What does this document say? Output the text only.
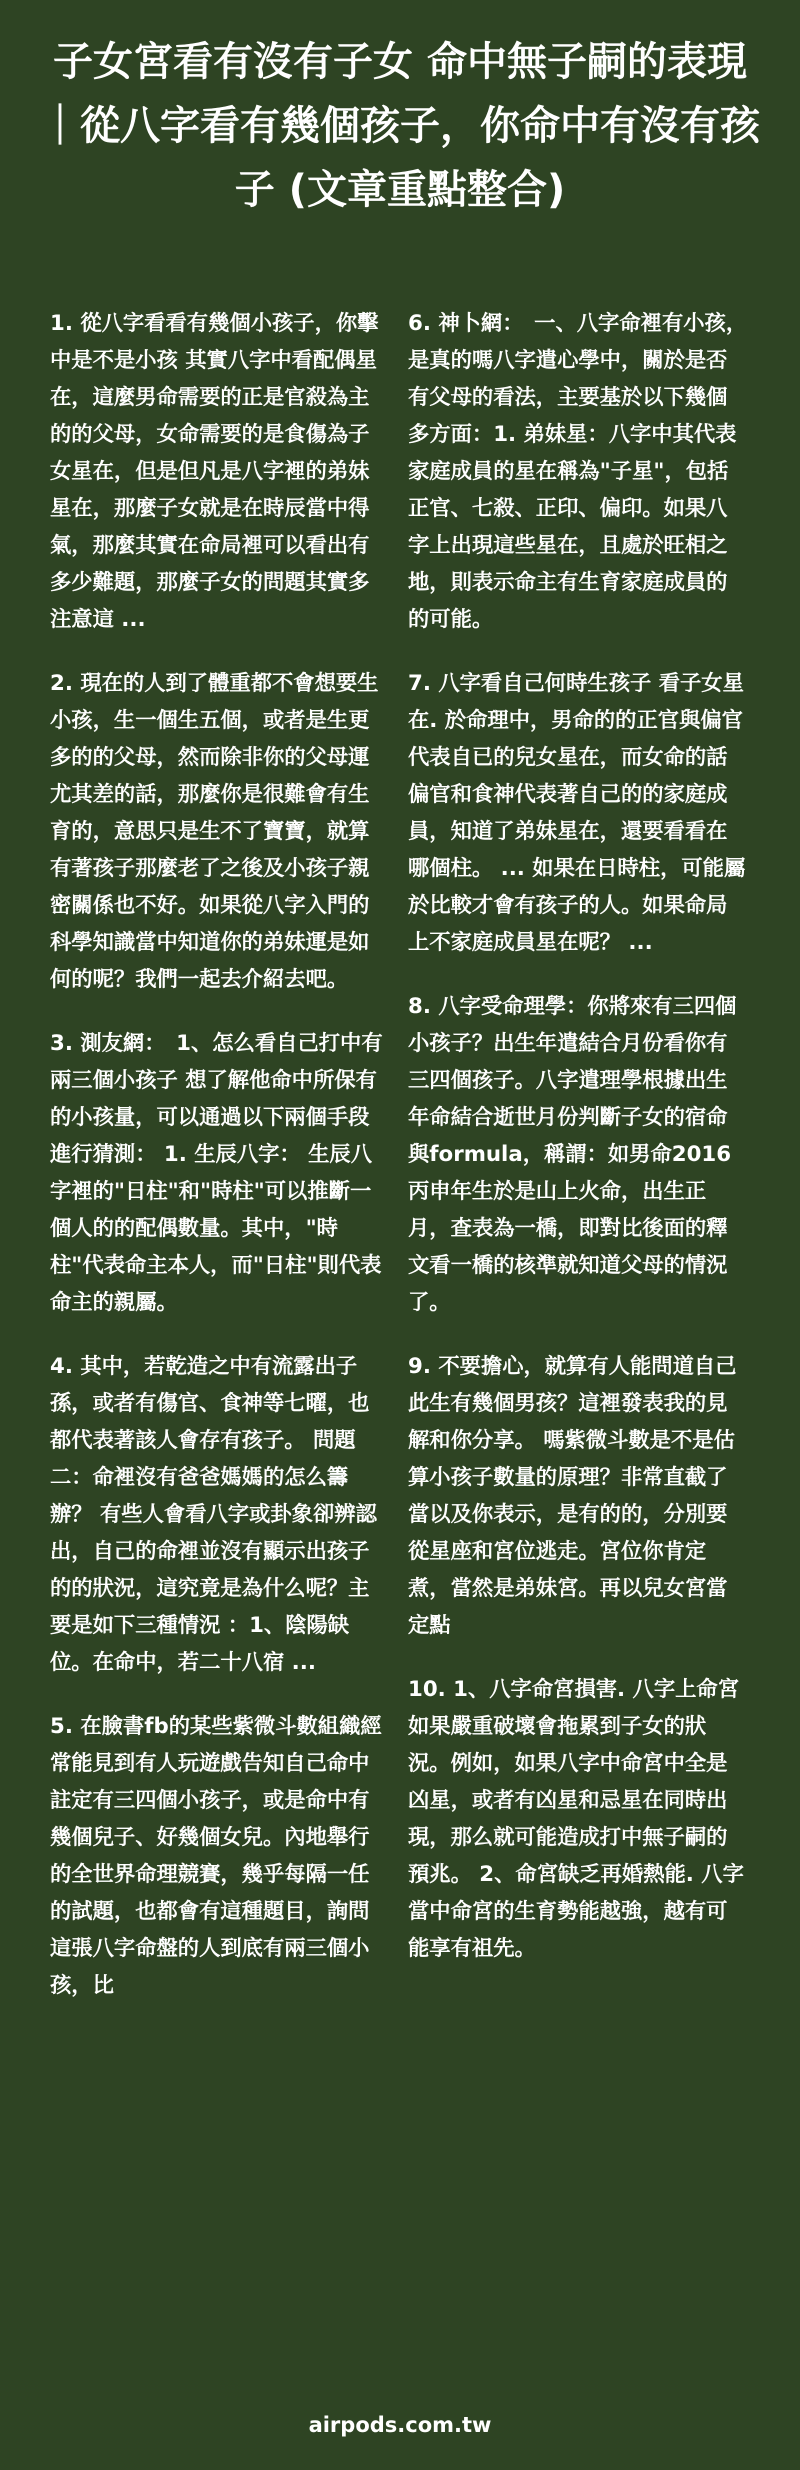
子女宮看有沒有子女 命中無子嗣的表現｜從八字看有幾個孩子，你命中有沒有孩子 (文章重點整合)

1. 從八字看看有幾個小孩子，你擊中是不是小孩 其實八字中看配偶星在，這麼男命需要的正是官殺為主的的父母，女命需要的是食傷為子女星在，但是但凡是八字裡的弟妹星在，那麼子女就是在時辰當中得氣，那麼其實在命局裡可以看出有多少難題，那麼子女的問題其實多注意這 ...

2. 現在的人到了體重都不會想要生小孩，生一個生五個，或者是生更多的的父母，然而除非你的父母運尤其差的話，那麼你是很難會有生育的，意思只是生不了寶寶，就算有著孩子那麼老了之後及小孩子親密關係也不好。如果從八字入門的科學知識當中知道你的弟妹運是如何的呢？我們一起去介紹去吧。

3. 測友網：　1、怎么看自己打中有兩三個小孩子 想了解他命中所保有的小孩量，可以通過以下兩個手段進行猜測： 1. 生辰八字： 生辰八字裡的"日柱"和"時柱"可以推斷一個人的的配偶數量。其中，"時柱"代表命主本人，而"日柱"則代表命主的親屬。

4. 其中，若乾造之中有流露出子孫，或者有傷官、食神等七曜，也都代表著該人會存有孩子。 問題二：命裡沒有爸爸媽媽的怎么籌辦？ 有些人會看八字或卦象卻辨認出，自己的命裡並沒有顯示出孩子的的狀況，這究竟是為什么呢？主要是如下三種情況 ：1、陰陽缺位。在命中，若二十八宿 ...

5. 在臉書fb的某些紫微斗數組織經常能見到有人玩遊戲告知自己命中註定有三四個小孩子，或是命中有幾個兒子、好幾個女兒。內地舉行的全世界命理競賽，幾乎每隔一任的試題，也都會有這種題目，詢問這張八字命盤的人到底有兩三個小孩，比

6. 神卜網：　一、八字命裡有小孩，是真的嗎八字遣心學中，關於是否有父母的看法，主要基於以下幾個多方面：1. 弟妹星：八字中其代表家庭成員的星在稱為"子星"，包括正官、七殺、正印、偏印。如果八字上出現這些星在，且處於旺相之地，則表示命主有生育家庭成員的的可能。

7. 八字看自己何時生孩子 看子女星在. 於命理中，男命的的正官與偏官代表自已的兒女星在，而女命的話偏官和食神代表著自己的的家庭成員，知道了弟妹星在，還要看看在哪個柱。 ... 如果在日時柱，可能屬於比較才會有孩子的人。如果命局上不家庭成員星在呢？ ...

8. 八字受命理學：你將來有三四個小孩子？出生年遣結合月份看你有三四個孩子。八字遣理學根據出生年命結合逝世月份判斷子女的宿命與formula，稱謂：如男命2016丙申年生於是山上火命，出生正月，查表為一橋，即對比後面的釋文看一橋的核準就知道父母的情況了。

9. 不要擔心，就算有人能問道自己此生有幾個男孩？這裡發表我的見解和你分享。 嗎紫微斗數是不是估算小孩子數量的原理？非常直截了當以及你表示，是有的的，分別要從星座和宮位逃走。宮位你肯定煮，當然是弟妹宮。再以兒女宮當定點

10. 1、八字命宮損害. 八字上命宮如果嚴重破壞會拖累到子女的狀況。例如，如果八字中命宮中全是凶星，或者有凶星和忌星在同時出現，那么就可能造成打中無子嗣的預兆。 2、命宮缺乏再婚熱能. 八字當中命宮的生育勢能越強，越有可能享有祖先。

airpods.com.tw
